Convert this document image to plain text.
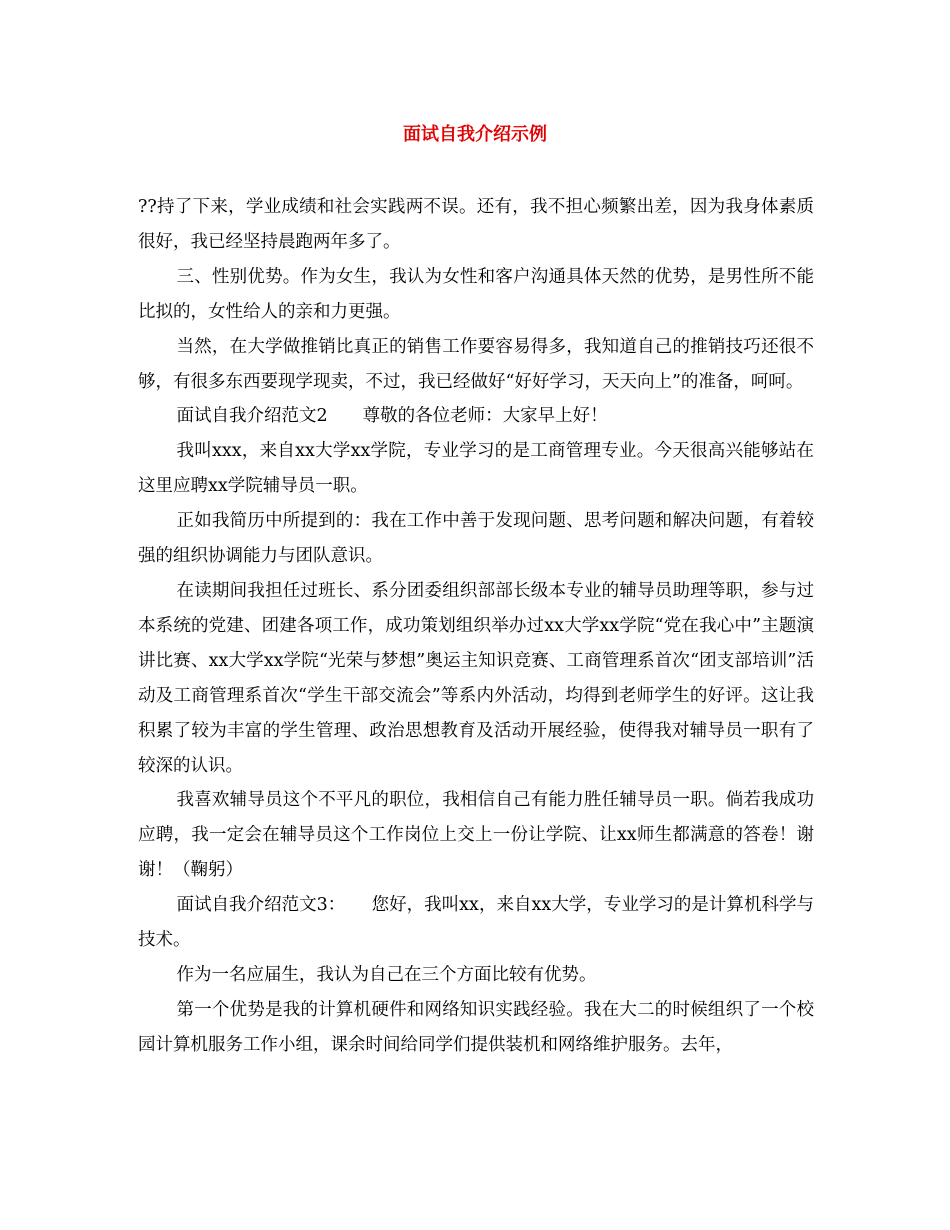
面试自我介绍示例

??持了下来，学业成绩和社会实践两不误。还有，我不担心频繁出差，因为我身体素质很好，我已经坚持晨跑两年多了。

三、性别优势。作为女生，我认为女性和客户沟通具体天然的优势，是男性所不能比拟的，女性给人的亲和力更强。

当然，在大学做推销比真正的销售工作要容易得多，我知道自己的推销技巧还很不够，有很多东西要现学现卖，不过，我已经做好“好好学习，天天向上”的准备，呵呵。

面试自我介绍范文2　　尊敬的各位老师：大家早上好！

我叫xxx，来自xx大学xx学院，专业学习的是工商管理专业。今天很高兴能够站在这里应聘xx学院辅导员一职。

正如我简历中所提到的：我在工作中善于发现问题、思考问题和解决问题，有着较强的组织协调能力与团队意识。

在读期间我担任过班长、系分团委组织部部长级本专业的辅导员助理等职，参与过本系统的党建、团建各项工作，成功策划组织举办过xx大学xx学院“党在我心中”主题演讲比赛、xx大学xx学院“光荣与梦想”奥运主知识竞赛、工商管理系首次“团支部培训”活动及工商管理系首次“学生干部交流会”等系内外活动，均得到老师学生的好评。这让我积累了较为丰富的学生管理、政治思想教育及活动开展经验，使得我对辅导员一职有了较深的认识。

我喜欢辅导员这个不平凡的职位，我相信自己有能力胜任辅导员一职。倘若我成功应聘，我一定会在辅导员这个工作岗位上交上一份让学院、让xx师生都满意的答卷！谢谢！（鞠躬）

面试自我介绍范文3：　　您好，我叫xx，来自xx大学，专业学习的是计算机科学与技术。

作为一名应届生，我认为自己在三个方面比较有优势。

第一个优势是我的计算机硬件和网络知识实践经验。我在大二的时候组织了一个校园计算机服务工作小组，课余时间给同学们提供装机和网络维护服务。去年，
